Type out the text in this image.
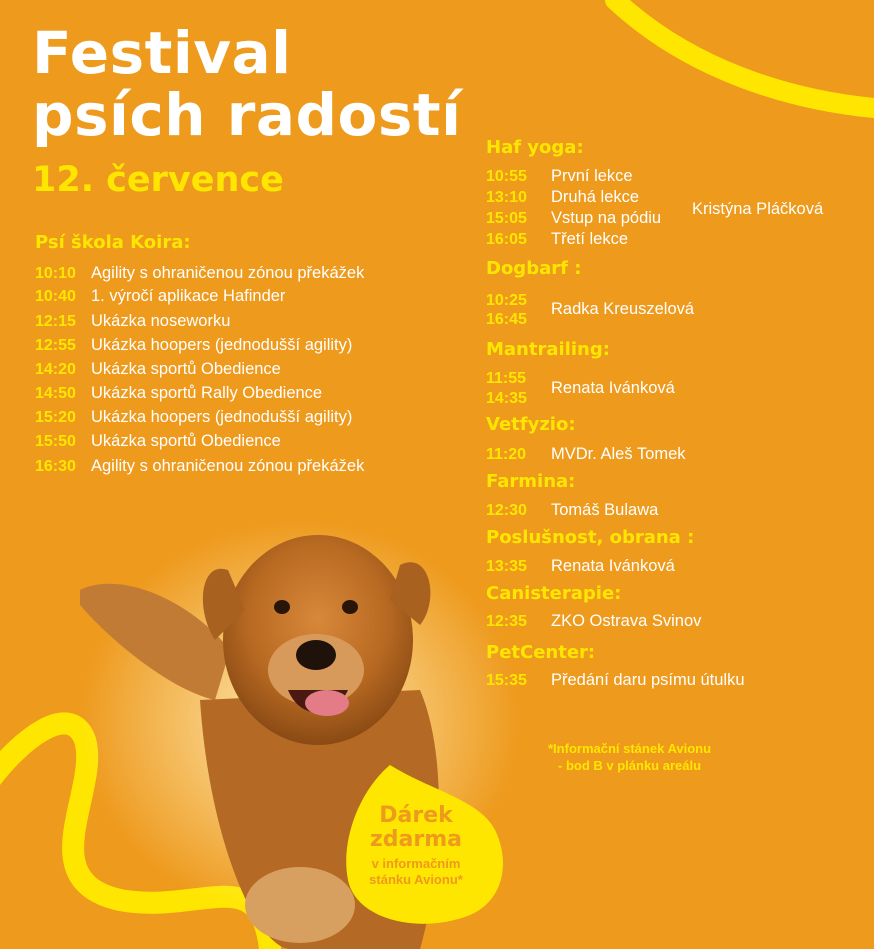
Festival
psích radostí
12. července
Psí škola Koira:
10:10 Agility s ohraničenou zónou překážek
10:40 1. výročí aplikace Hafinder
12:15 Ukázka noseworku
12:55 Ukázka hoopers (jednodušší agility)
14:20 Ukázka sportů Obedience
14:50 Ukázka sportů Rally Obedience
15:20 Ukázka hoopers (jednodušší agility)
15:50 Ukázka sportů Obedience
16:30 Agility s ohraničenou zónou překážek
Haf yoga:
10:55 První lekce
13:10 Druhá lekce
15:05 Vstup na pódiu
16:05 Třetí lekce
Kristýna Pláčková
Dogbarf :
10:25
16:45
Radka Kreuszelová
Mantrailing:
11:55
14:35
Renata Ivánková
Vetfyzio:
11:20 MVDr. Aleš Tomek
Farmina:
12:30 Tomáš Bulawa
Poslušnost, obrana :
13:35 Renata Ivánková
Canisterapie:
12:35 ZKO Ostrava Svinov
PetCenter:
15:35 Předání daru psímu útulku
*Informační stánek Avionu
- bod B v plánku areálu
Dárek
zdarma
v informačním
stánku Avionu*
